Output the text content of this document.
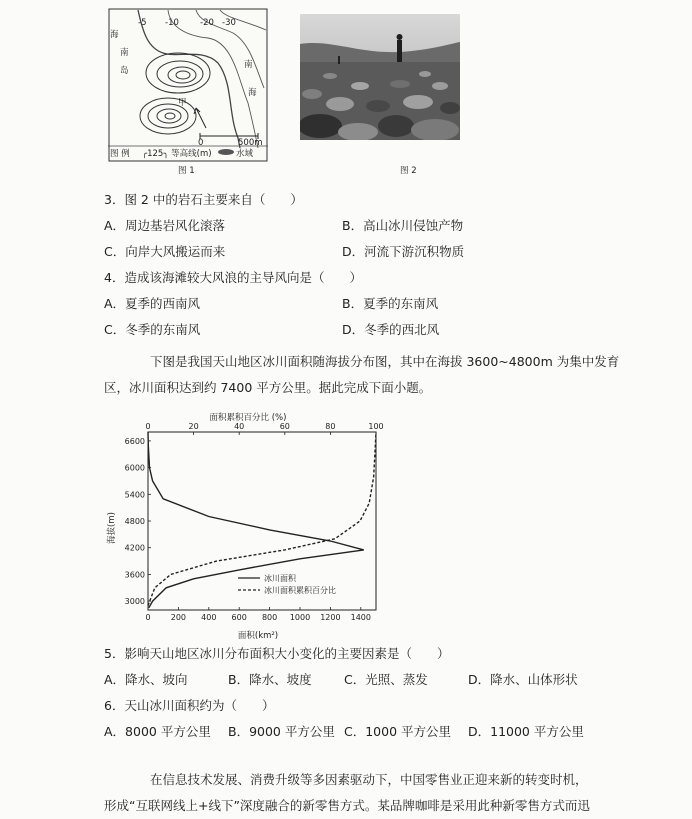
海
南
岛
南
海
-5 -10 -20 -30
甲
0	500m
图 例 ╭125╮ 等高线(m)	水域
图 1	图 2
3．图 2 中的岩石主要来自（　　）
A．周边基岩风化滚落	B．高山冰川侵蚀产物
C．向岸大风搬运而来	D．河流下游沉积物质
4．造成该海滩较大风浪的主导风向是（　　）
A．夏季的西南风	B．夏季的东南风
C．冬季的东南风	D．冬季的西北风
下图是我国天山地区冰川面积随海拔分布图，其中在海拔 3600~4800m 为集中发育
区，冰川面积达到约 7400 平方公里。据此完成下面小题。
面积累积百分比 (%)
面积(km²)
海拔(m)
0	200 400 600 800 1000 1200 1400
0	20	40	60	80	100
3000
3600
4200
4800
5400
6000
6600
冰川面积
冰川面积累积百分比
5．影响天山地区冰川分布面积大小变化的主要因素是（　　）
A．降水、坡向	B．降水、坡度	C．光照、蒸发	D．降水、山体形状
6．天山冰川面积约为（　　）
A．8000 平方公里 B．9000 平方公里 C．1000 平方公里 D．11000 平方公里
在信息技术发展、消费升级等多因素驱动下，中国零售业正迎来新的转变时机，
形成“互联网线上+线下”深度融合的新零售方式。某品牌咖啡是采用此种新零售方式而迅
